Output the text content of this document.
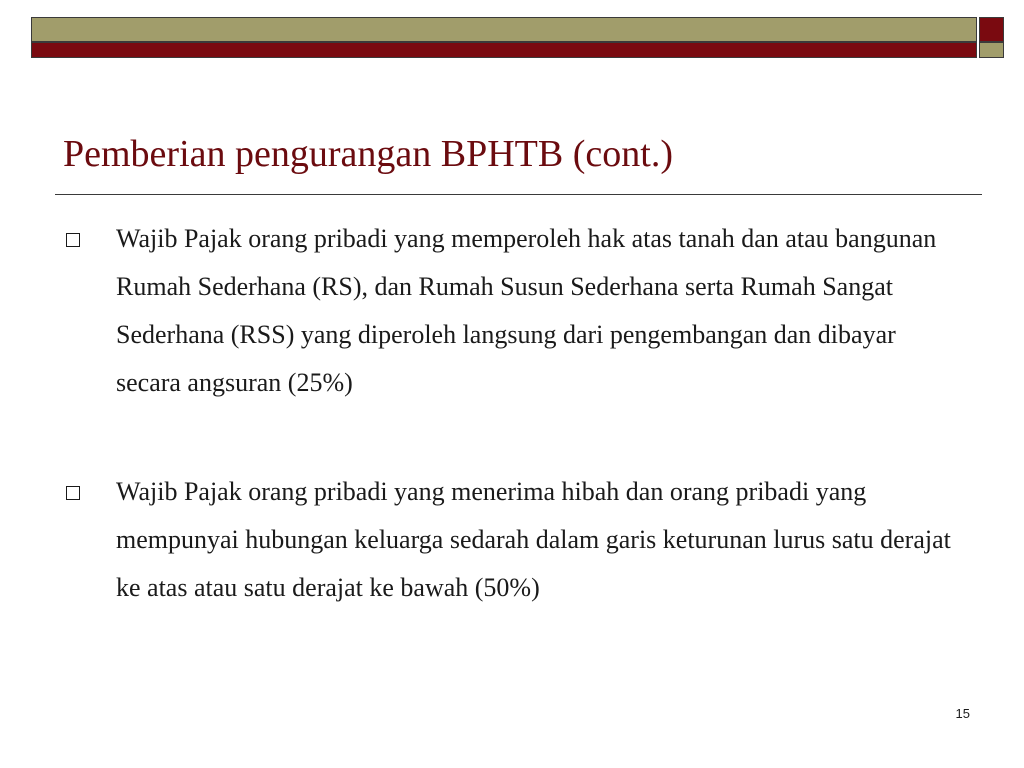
Pemberian pengurangan BPHTB (cont.)

Wajib Pajak orang pribadi yang memperoleh hak atas tanah dan atau bangunan Rumah Sederhana (RS), dan Rumah Susun Sederhana serta Rumah Sangat Sederhana (RSS) yang diperoleh langsung dari pengembangan dan dibayar secara angsuran (25%)

Wajib Pajak orang pribadi yang menerima hibah dan orang pribadi yang mempunyai hubungan keluarga sedarah dalam garis keturunan lurus satu derajat ke atas atau satu derajat ke bawah (50%)

15
